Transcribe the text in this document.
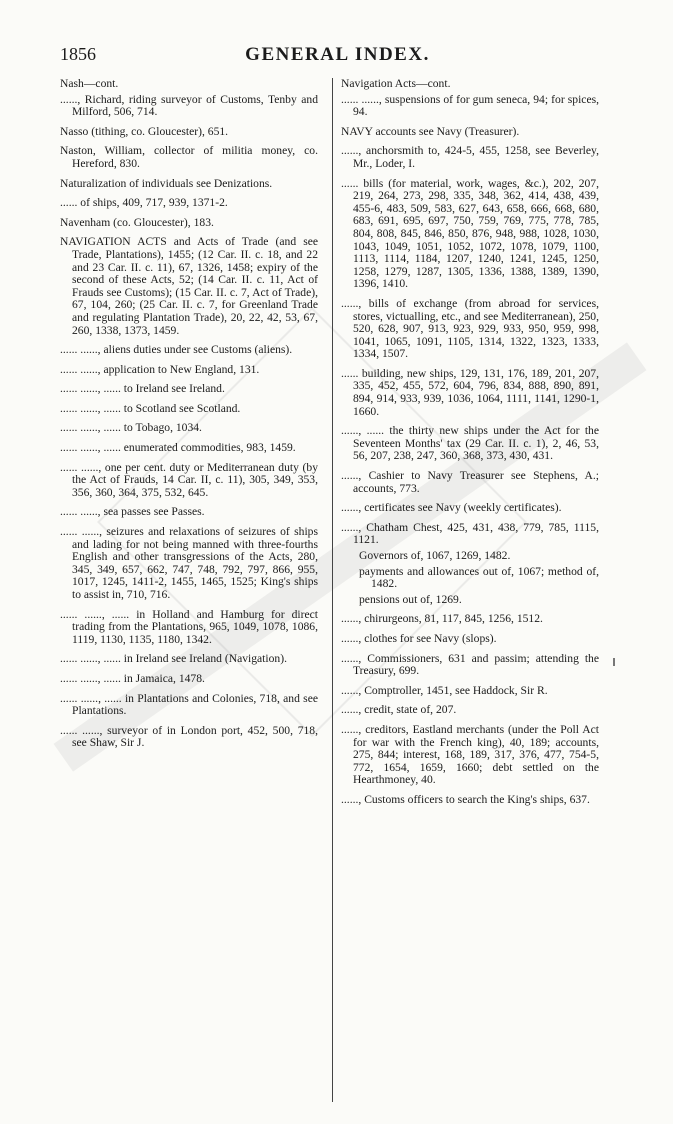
1856	GENERAL INDEX.
Nash—cont.
......, Richard, riding surveyor of Customs, Tenby and Milford, 506, 714.
Nasso (tithing, co. Gloucester), 651.
Naston, William, collector of militia money, co. Hereford, 830.
Naturalization of individuals see Denizations.
...... of ships, 409, 717, 939, 1371-2.
Navenham (co. Gloucester), 183.
NAVIGATION ACTS and Acts of Trade (and see Trade, Plantations), 1455; (12 Car. II. c. 18, and 22 and 23 Car. II. c. 11), 67, 1326, 1458; expiry of the second of these Acts, 52; (14 Car. II. c. 11, Act of Frauds see Customs); (15 Car. II. c. 7, Act of Trade), 67, 104, 260; (25 Car. II. c. 7, for Greenland Trade and regulating Plantation Trade), 20, 22, 42, 53, 67, 260, 1338, 1373, 1459.
...... ......, aliens duties under see Customs (aliens).
...... ......, application to New England, 131.
...... ......, ...... to Ireland see Ireland.
...... ......, ...... to Scotland see Scotland.
...... ......, ...... to Tobago, 1034.
...... ......, ...... enumerated commodities, 983, 1459.
...... ......, one per cent. duty or Mediterranean duty (by the Act of Frauds, 14 Car. II, c. 11), 305, 349, 353, 356, 360, 364, 375, 532, 645.
...... ......, sea passes see Passes.
...... ......, seizures and relaxations of seizures of ships and lading for not being manned with three-fourths English and other transgressions of the Acts, 280, 345, 349, 657, 662, 747, 748, 792, 797, 866, 955, 1017, 1245, 1411-2, 1455, 1465, 1525; King's ships to assist in, 710, 716.
...... ......, ...... in Holland and Hamburg for direct trading from the Plantations, 965, 1049, 1078, 1086, 1119, 1130, 1135, 1180, 1342.
...... ......, ...... in Ireland see Ireland (Navigation).
...... ......, ...... in Jamaica, 1478.
...... ......, ...... in Plantations and Colonies, 718, and see Plantations.
...... ......, surveyor of in London port, 452, 500, 718, see Shaw, Sir J.
Navigation Acts—cont.
...... ......, suspensions of for gum seneca, 94; for spices, 94.
NAVY accounts see Navy (Treasurer).
......, anchorsmith to, 424-5, 455, 1258, see Beverley, Mr., Loder, I.
...... bills (for material, work, wages, &c.), 202, 207, 219, 264, 273, 298, 335, 348, 362, 414, 438, 439, 455-6, 483, 509, 583, 627, 643, 658, 666, 668, 680, 683, 691, 695, 697, 750, 759, 769, 775, 778, 785, 804, 808, 845, 846, 850, 876, 948, 988, 1028, 1030, 1043, 1049, 1051, 1052, 1072, 1078, 1079, 1100, 1113, 1114, 1184, 1207, 1240, 1241, 1245, 1250, 1258, 1279, 1287, 1305, 1336, 1388, 1389, 1390, 1396, 1410.
......, bills of exchange (from abroad for services, stores, victualling, etc., and see Mediterranean), 250, 520, 628, 907, 913, 923, 929, 933, 950, 959, 998, 1041, 1065, 1091, 1105, 1314, 1322, 1323, 1333, 1334, 1507.
...... building, new ships, 129, 131, 176, 189, 201, 207, 335, 452, 455, 572, 604, 796, 834, 888, 890, 891, 894, 914, 933, 939, 1036, 1064, 1111, 1141, 1290-1, 1660.
......, ...... the thirty new ships under the Act for the Seventeen Months' tax (29 Car. II. c. 1), 2, 46, 53, 56, 207, 238, 247, 360, 368, 373, 430, 431.
......, Cashier to Navy Treasurer see Stephens, A.; accounts, 773.
......, certificates see Navy (weekly certificates).
......, Chatham Chest, 425, 431, 438, 779, 785, 1115, 1121.
Governors of, 1067, 1269, 1482.
payments and allowances out of, 1067; method of, 1482.
pensions out of, 1269.
......, chirurgeons, 81, 117, 845, 1256, 1512.
......, clothes for see Navy (slops).
......, Commissioners, 631 and passim; attending the Treasury, 699.
......, Comptroller, 1451, see Haddock, Sir R.
......, credit, state of, 207.
......, creditors, Eastland merchants (under the Poll Act for war with the French king), 40, 189; accounts, 275, 844; interest, 168, 189, 317, 376, 477, 754-5, 772, 1654, 1659, 1660; debt settled on the Hearthmoney, 40.
......, Customs officers to search the King's ships, 637.
